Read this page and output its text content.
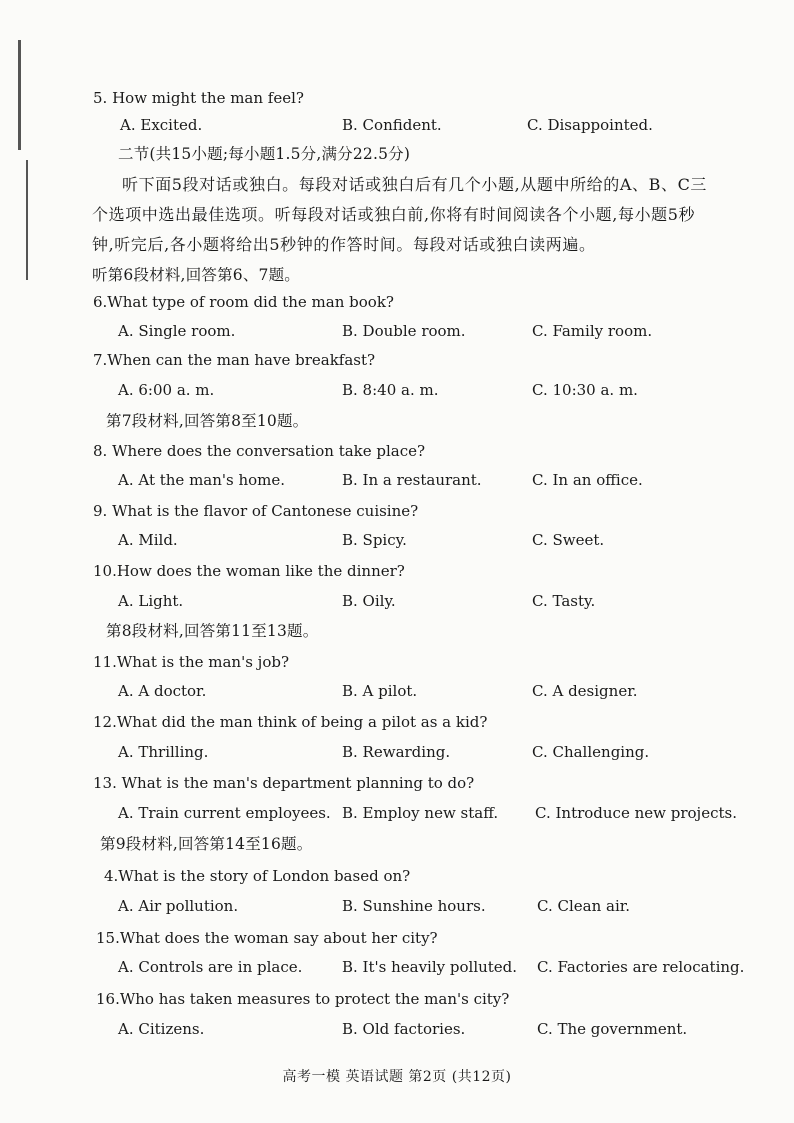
5. How might the man feel?
A. Excited.	B. Confident.	C. Disappointed.
二节(共15小题;每小题1.5分,满分22.5分)
听下面5段对话或独白。每段对话或独白后有几个小题,从题中所给的A、B、C三
个选项中选出最佳选项。听每段对话或独白前,你将有时间阅读各个小题,每小题5秒
钟,听完后,各小题将给出5秒钟的作答时间。每段对话或独白读两遍。
听第6段材料,回答第6、7题。
6.What type of room did the man book?
A. Single room.	B. Double room.	C. Family room.
7.When can the man have breakfast?
A. 6:00 a. m.	B. 8:40 a. m.	C. 10:30 a. m.
第7段材料,回答第8至10题。
8. Where does the conversation take place?
A. At the man's home.	B. In a restaurant.	C. In an office.
9. What is the flavor of Cantonese cuisine?
A. Mild.	B. Spicy.	C. Sweet.
10.How does the woman like the dinner?
A. Light.	B. Oily.	C. Tasty.
第8段材料,回答第11至13题。
11.What is the man's job?
A. A doctor.	B. A pilot.	C. A designer.
12.What did the man think of being a pilot as a kid?
A. Thrilling.	B. Rewarding.	C. Challenging.
13. What is the man's department planning to do?
A. Train current employees. B. Employ new staff. C. Introduce new projects.
第9段材料,回答第14至16题。
4.What is the story of London based on?
A. Air pollution.	B. Sunshine hours.	C. Clean air.
15.What does the woman say about her city?
A. Controls are in place.	B. It's heavily polluted. C. Factories are relocating.
16.Who has taken measures to protect the man's city?
A. Citizens.	B. Old factories.	C. The government.
高考一模 英语试题 第2页 (共12页)
